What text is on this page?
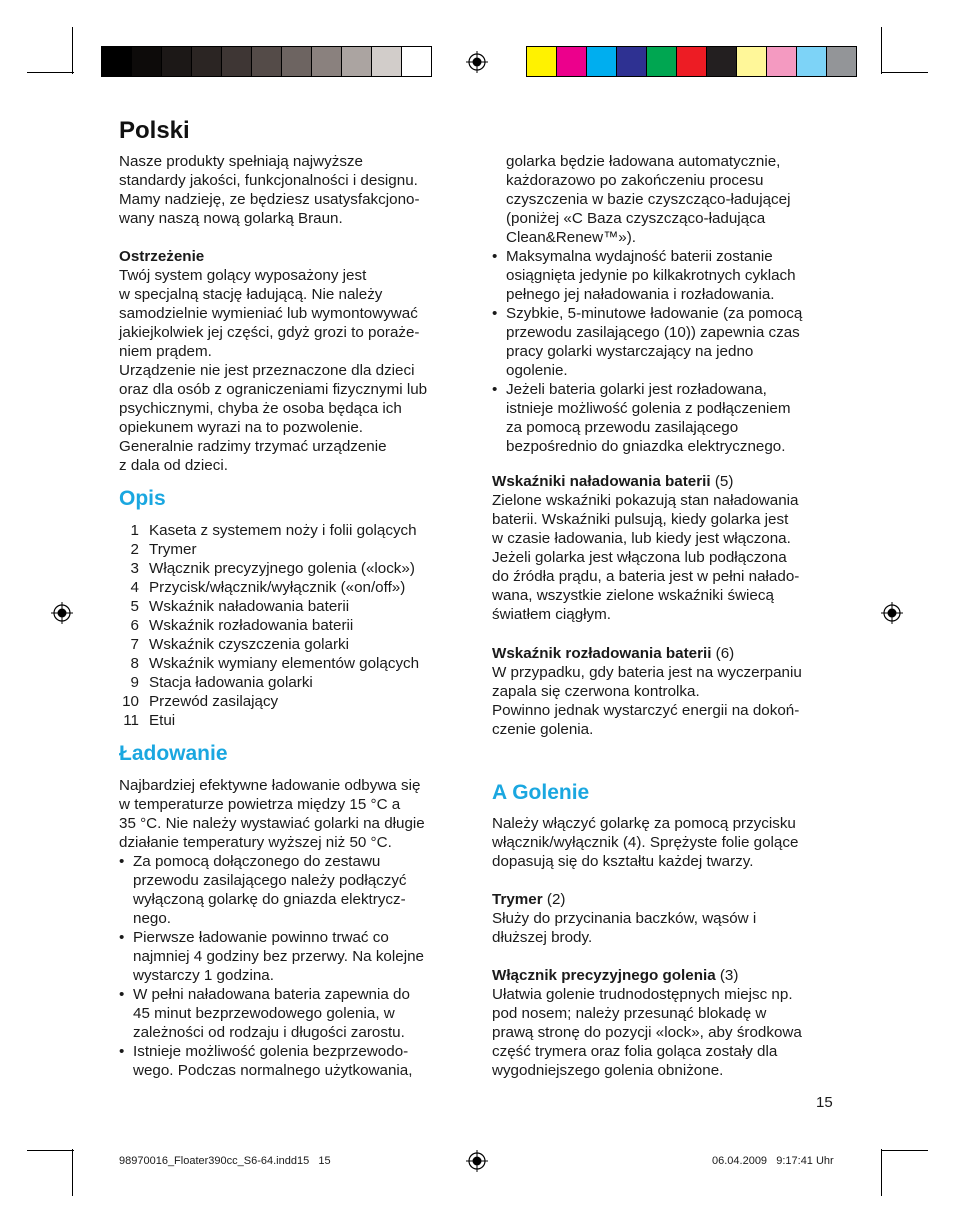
Polski
Nasze produkty spełniają najwyższe
standardy jakości, funkcjonalności i designu.
Mamy nadzieję, ze będziesz usatysfakcjono-
wany naszą nową golarką Braun.

Ostrzeżenie

Twój system golący wyposażony jest
w specjalną stację ładującą. Nie należy
samodzielnie wymieniać lub wymontowywać
jakiejkolwiek jej części, gdyż grozi to poraże-
niem prądem.
Urządzenie nie jest przeznaczone dla dzieci
oraz dla osób z ograniczeniami fizycznymi lub
psychicznymi, chyba że osoba będąca ich
opiekunem wyrazi na to pozwolenie.
Generalnie radzimy trzymać urządzenie
z dala od dzieci.
Opis
1 Kaseta z systemem noży i folii golących
2 Trymer
3 Włącznik precyzyjnego golenia («lock»)
4 Przycisk/włącznik/wyłącznik («on/off»)
5 Wskaźnik naładowania baterii
6 Wskaźnik rozładowania baterii
7 Wskaźnik czyszczenia golarki
8 Wskaźnik wymiany elementów golących
9 Stacja ładowania golarki
10 Przewód zasilający
11 Etui
Ładowanie
Najbardziej efektywne ładowanie odbywa się
w temperaturze powietrza między 15 °C a
35 °C. Nie należy wystawiać golarki na długie
działanie temperatury wyższej niż 50 °C.
• Za pomocą dołączonego do zestawu
przewodu zasilającego należy podłączyć
wyłączoną golarkę do gniazda elektrycz-
nego.
• Pierwsze ładowanie powinno trwać co
najmniej 4 godziny bez przerwy. Na kolejne
wystarczy 1 godzina.
• W pełni naładowana bateria zapewnia do
45 minut bezprzewodowego golenia, w
zależności od rodzaju i długości zarostu.
• Istnieje możliwość golenia bezprzewodo-
wego. Podczas normalnego użytkowania,
golarka będzie ładowana automatycznie,
każdorazowo po zakończeniu procesu
czyszczenia w bazie czyszcząco-ładującej
(poniżej «C Baza czyszcząco-ładująca
Clean&Renew™»).
• Maksymalna wydajność baterii zostanie
osiągnięta jedynie po kilkakrotnych cyklach
pełnego jej naładowania i rozładowania.
• Szybkie, 5-minutowe ładowanie (za pomocą
przewodu zasilającego (10)) zapewnia czas
pracy golarki wystarczający na jedno
ogolenie.
• Jeżeli bateria golarki jest rozładowana,
istnieje możliwość golenia z podłączeniem
za pomocą przewodu zasilającego
bezpośrednio do gniazdka elektrycznego.

Wskaźniki naładowania baterii (5)

Zielone wskaźniki pokazują stan naładowania
baterii. Wskaźniki pulsują, kiedy golarka jest
w czasie ładowania, lub kiedy jest włączona.
Jeżeli golarka jest włączona lub podłączona
do źródła prądu, a bateria jest w pełni nałado-
wana, wszystkie zielone wskaźniki świecą
światłem ciągłym.

Wskaźnik rozładowania baterii (6)

W przypadku, gdy bateria jest na wyczerpaniu
zapala się czerwona kontrolka.
Powinno jednak wystarczyć energii na dokoń-
czenie golenia.
A Golenie
Należy włączyć golarkę za pomocą przycisku
włącznik/wyłącznik (4). Sprężyste folie golące
dopasują się do kształtu każdej twarzy.

Trymer (2)

Służy do przycinania baczków, wąsów i
dłuższej brody.

Włącznik precyzyjnego golenia (3)

Ułatwia golenie trudnodostępnych miejsc np.
pod nosem; należy przesunąć blokadę w
prawą stronę do pozycji «lock», aby środkowa
część trymera oraz folia goląca zostały dla
wygodniejszego golenia obniżone.
15
98970016_Floater390cc_S6-64.indd15   15	06.04.2009   9:17:41 Uhr
